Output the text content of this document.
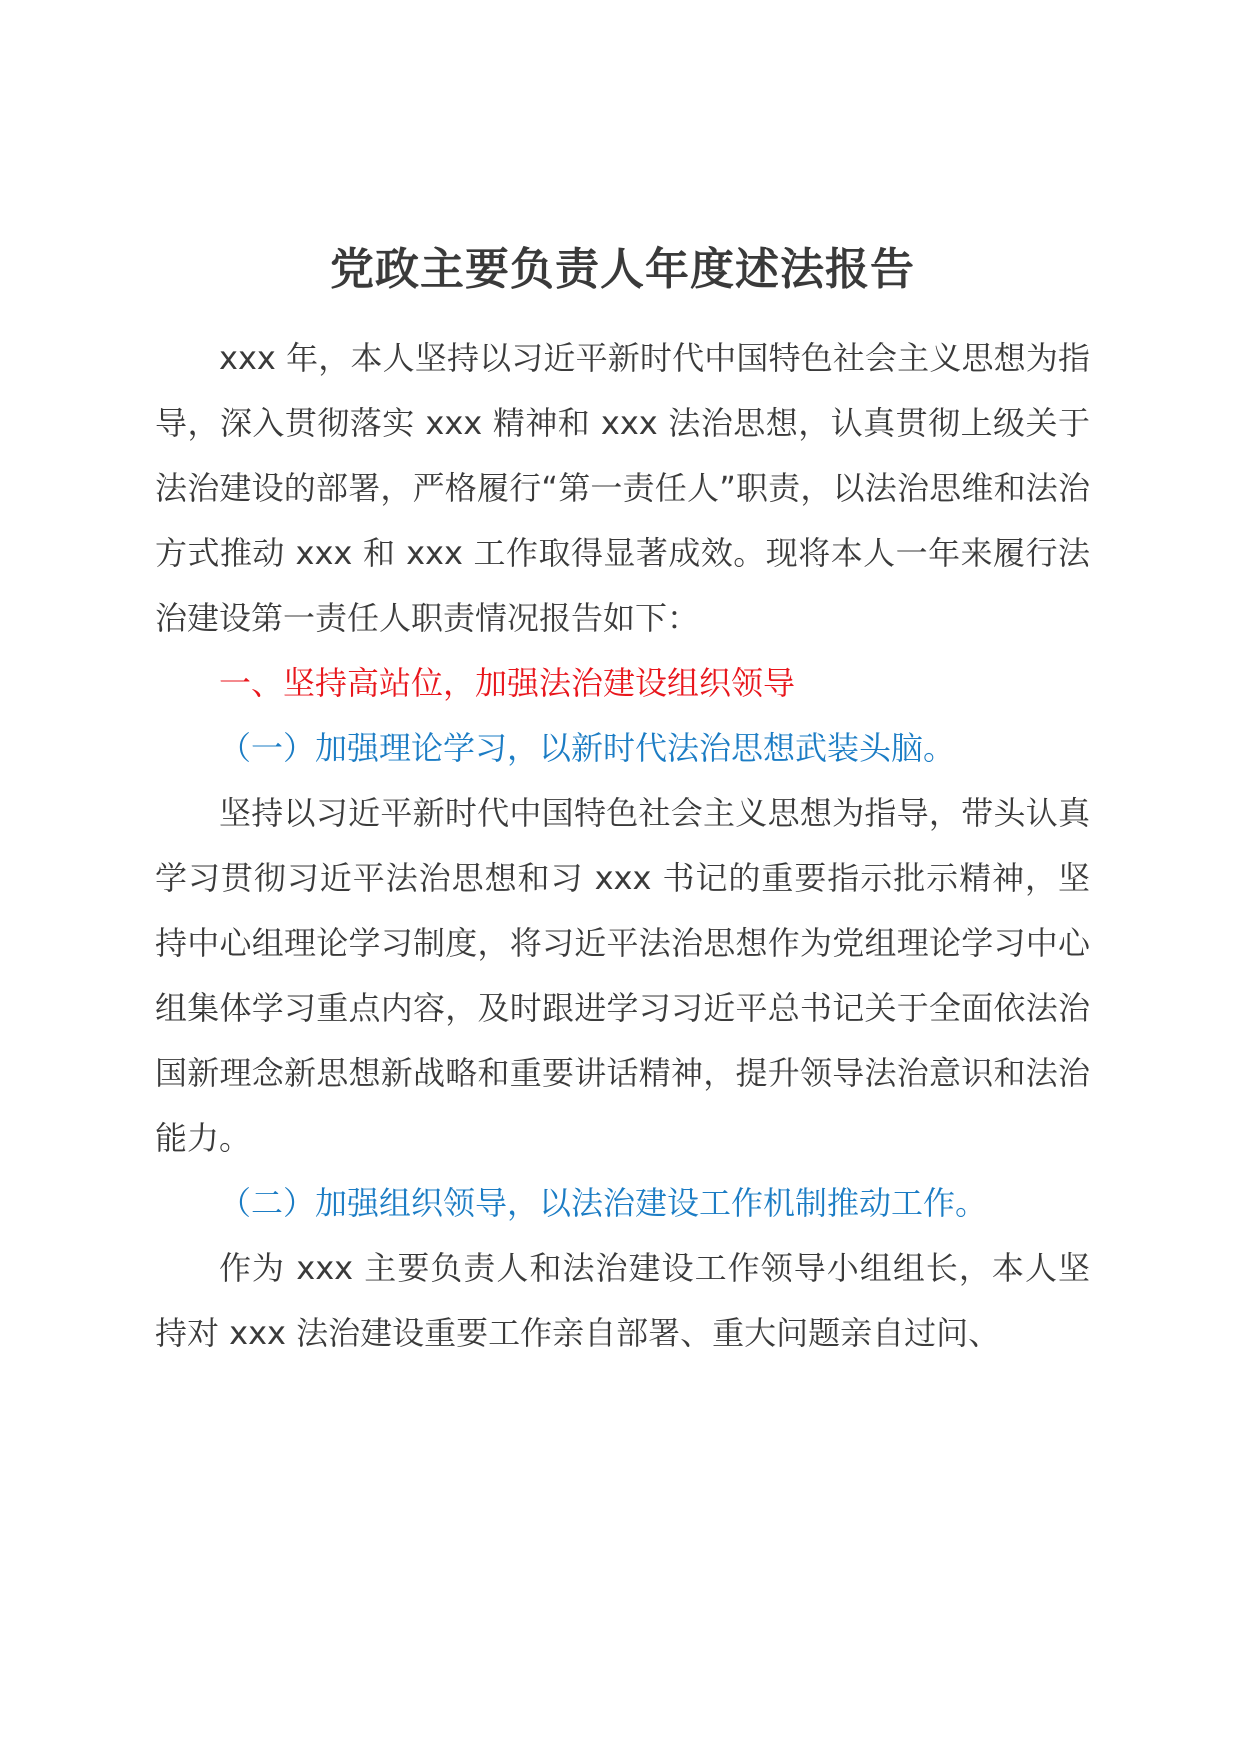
党政主要负责人年度述法报告

xxx 年，本人坚持以习近平新时代中国特色社会主义思想为指导，深入贯彻落实 xxx 精神和 xxx 法治思想，认真贯彻上级关于法治建设的部署，严格履行“第一责任人”职责，以法治思维和法治方式推动 xxx 和 xxx 工作取得显著成效。现将本人一年来履行法治建设第一责任人职责情况报告如下：

一、坚持高站位，加强法治建设组织领导

（一）加强理论学习，以新时代法治思想武装头脑。

坚持以习近平新时代中国特色社会主义思想为指导，带头认真学习贯彻习近平法治思想和习 xxx 书记的重要指示批示精神，坚持中心组理论学习制度，将习近平法治思想作为党组理论学习中心组集体学习重点内容，及时跟进学习习近平总书记关于全面依法治国新理念新思想新战略和重要讲话精神，提升领导法治意识和法治能力。

（二）加强组织领导，以法治建设工作机制推动工作。

作为 xxx 主要负责人和法治建设工作领导小组组长，本人坚持对 xxx 法治建设重要工作亲自部署、重大问题亲自过问、
